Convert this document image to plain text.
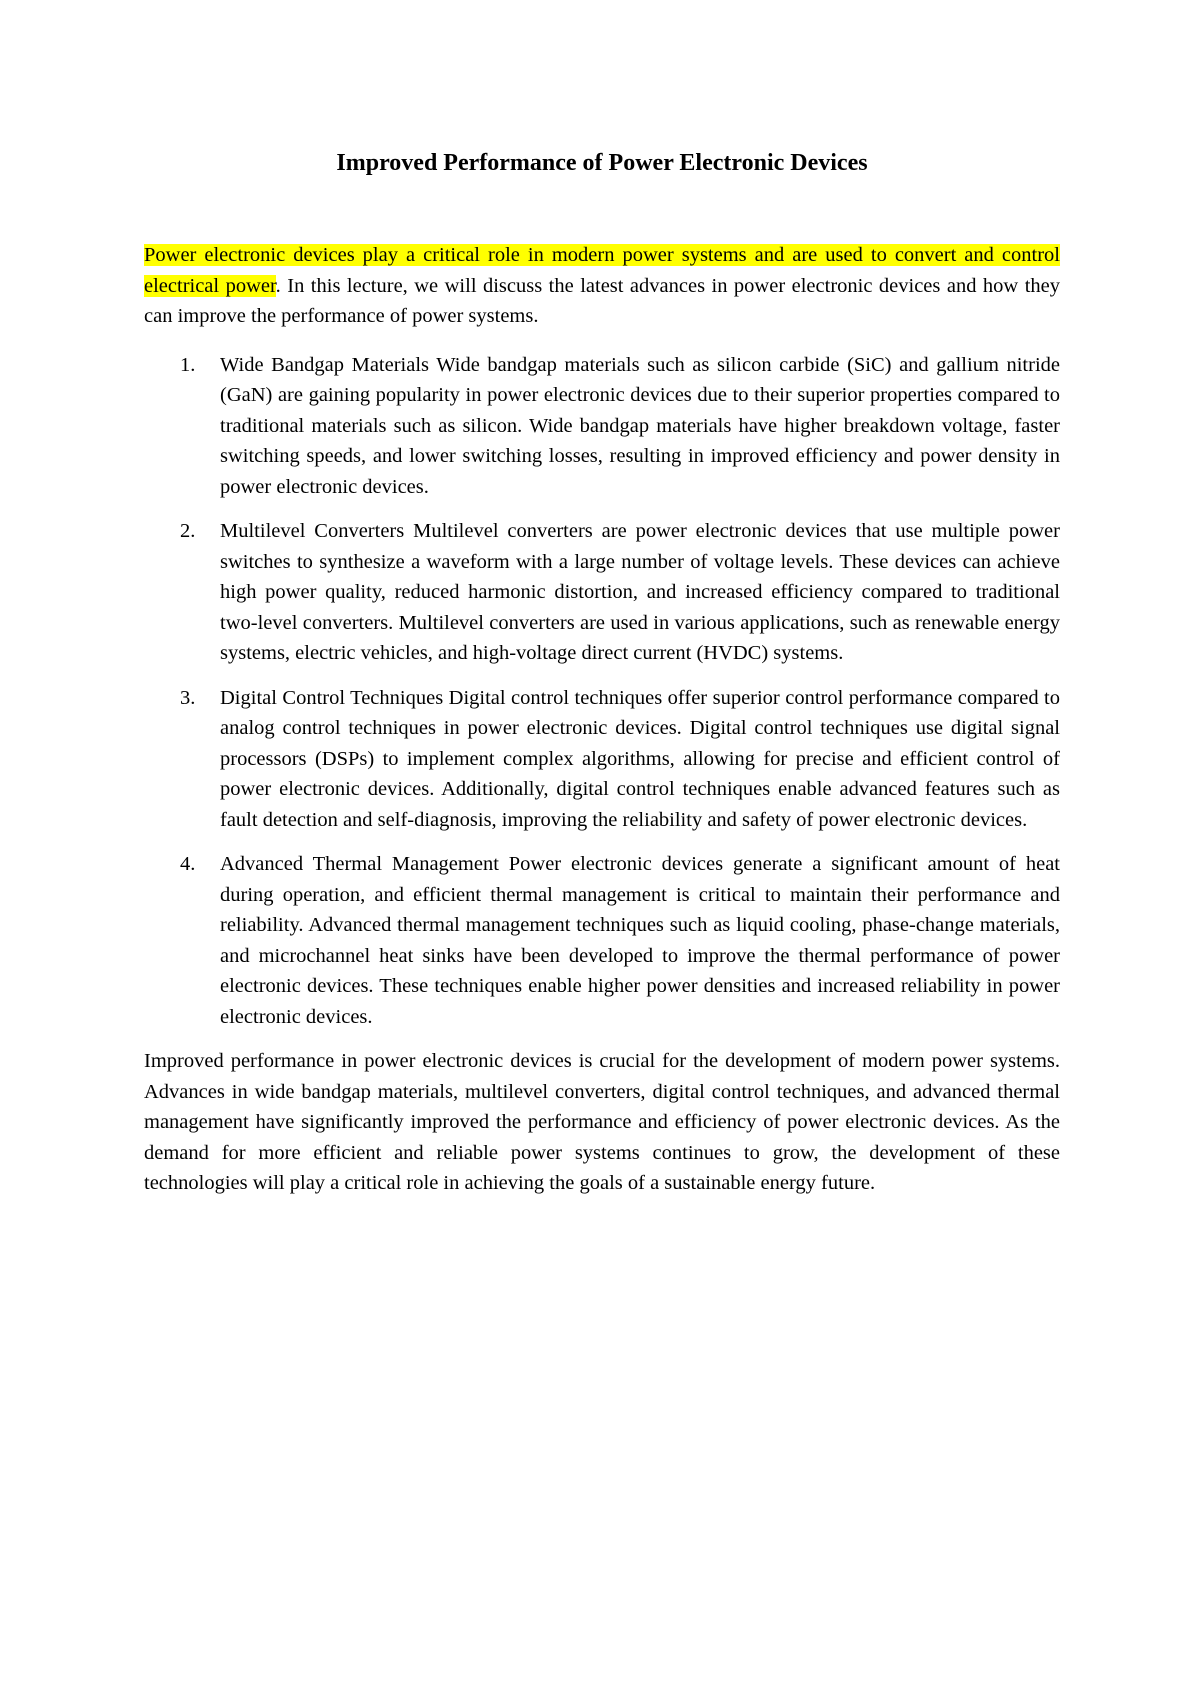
Improved Performance of Power Electronic Devices

Power electronic devices play a critical role in modern power systems and are used to convert and control electrical power. In this lecture, we will discuss the latest advances in power electronic devices and how they can improve the performance of power systems.

1. Wide Bandgap Materials Wide bandgap materials such as silicon carbide (SiC) and gallium nitride (GaN) are gaining popularity in power electronic devices due to their superior properties compared to traditional materials such as silicon. Wide bandgap materials have higher breakdown voltage, faster switching speeds, and lower switching losses, resulting in improved efficiency and power density in power electronic devices.
2. Multilevel Converters Multilevel converters are power electronic devices that use multiple power switches to synthesize a waveform with a large number of voltage levels. These devices can achieve high power quality, reduced harmonic distortion, and increased efficiency compared to traditional two-level converters. Multilevel converters are used in various applications, such as renewable energy systems, electric vehicles, and high-voltage direct current (HVDC) systems.
3. Digital Control Techniques Digital control techniques offer superior control performance compared to analog control techniques in power electronic devices. Digital control techniques use digital signal processors (DSPs) to implement complex algorithms, allowing for precise and efficient control of power electronic devices. Additionally, digital control techniques enable advanced features such as fault detection and self-diagnosis, improving the reliability and safety of power electronic devices.
4. Advanced Thermal Management Power electronic devices generate a significant amount of heat during operation, and efficient thermal management is critical to maintain their performance and reliability. Advanced thermal management techniques such as liquid cooling, phase-change materials, and microchannel heat sinks have been developed to improve the thermal performance of power electronic devices. These techniques enable higher power densities and increased reliability in power electronic devices.

Improved performance in power electronic devices is crucial for the development of modern power systems. Advances in wide bandgap materials, multilevel converters, digital control techniques, and advanced thermal management have significantly improved the performance and efficiency of power electronic devices. As the demand for more efficient and reliable power systems continues to grow, the development of these technologies will play a critical role in achieving the goals of a sustainable energy future.
